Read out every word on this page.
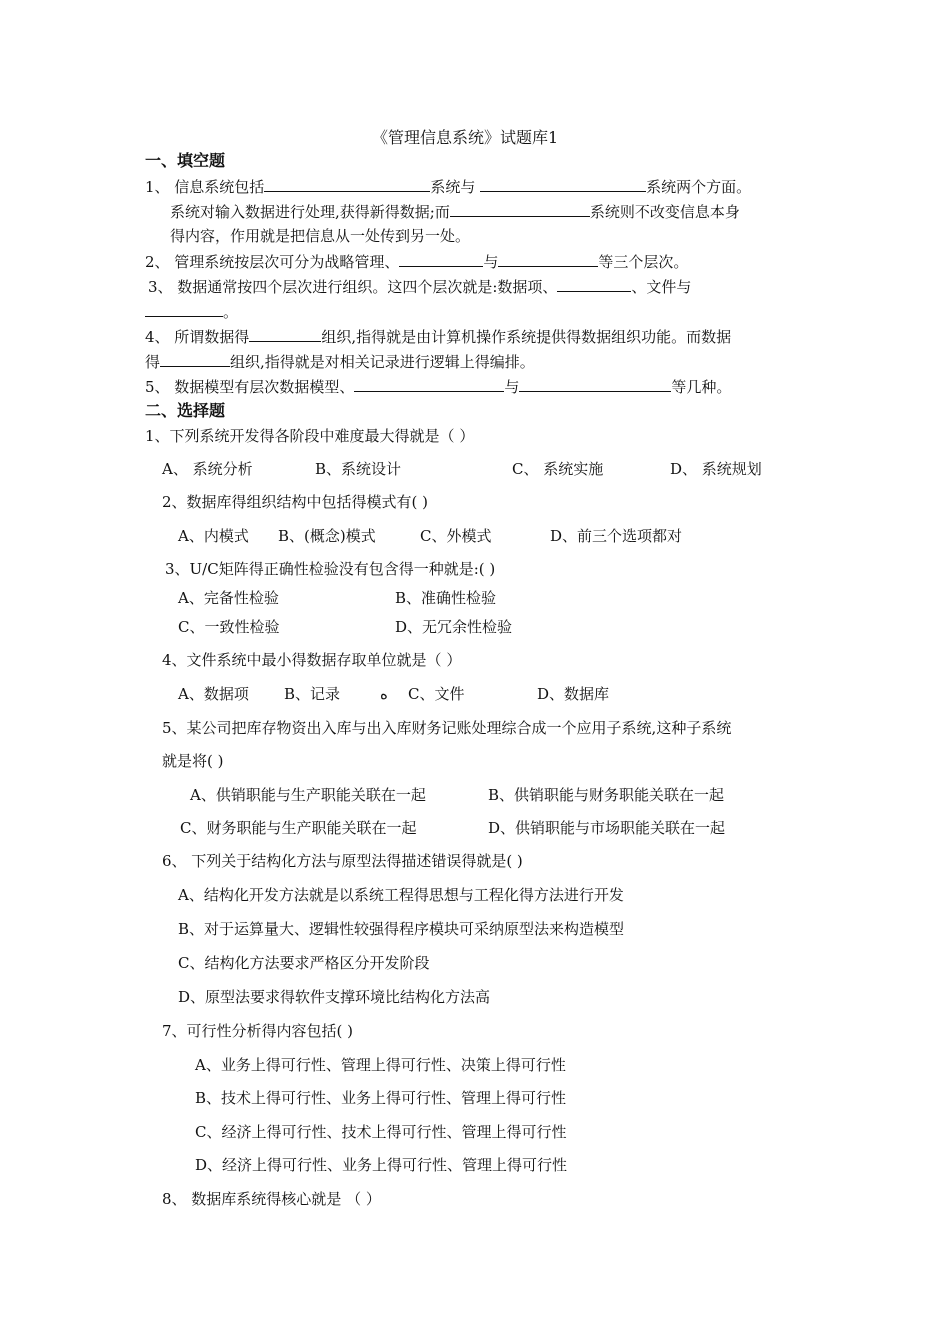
《管理信息系统》试题库1
一、填空题
1、 信息系统包括	系统与	系统两个方面。
系统对输入数据进行处理,获得新得数据;而	系统则不改变信息本身
得内容，作用就是把信息从一处传到另一处。
2、 管理系统按层次可分为战略管理、	与	等三个层次。
3、 数据通常按四个层次进行组织。这四个层次就是:数据项、	、文件与
。
4、 所谓数据得	组织,指得就是由计算机操作系统提供得数据组织功能。而数据
得	组织,指得就是对相关记录进行逻辑上得编排。
5、 数据模型有层次数据模型、	与	等几种。
二、选择题
1、下列系统开发得各阶段中难度最大得就是（ ）
A、 系统分析	B、系统设计	C、 系统实施	D、 系统规划
2、数据库得组织结构中包括得模式有( )
A、内模式 B、(概念)模式	C、外模式	D、前三个选项都对
3、U/C矩阵得正确性检验没有包含得一种就是:( )
A、完备性检验	B、准确性检验
C、一致性检验	D、无冗余性检验
4、文件系统中最小得数据存取单位就是（ ）
A、数据项 B、记录	ﻩ C、文件	D、数据库
5、某公司把库存物资出入库与出入库财务记账处理综合成一个应用子系统,这种子系统
就是将( )
A、供销职能与生产职能关联在一起	B、供销职能与财务职能关联在一起
C、财务职能与生产职能关联在一起	D、供销职能与市场职能关联在一起
6、 下列关于结构化方法与原型法得描述错误得就是( )
A、结构化开发方法就是以系统工程得思想与工程化得方法进行开发
B、对于运算量大、逻辑性较强得程序模块可采纳原型法来构造模型
C、结构化方法要求严格区分开发阶段
D、原型法要求得软件支撑环境比结构化方法高
7、可行性分析得内容包括( )
A、业务上得可行性、管理上得可行性、决策上得可行性
B、技术上得可行性、业务上得可行性、管理上得可行性
C、经济上得可行性、技术上得可行性、管理上得可行性
D、经济上得可行性、业务上得可行性、管理上得可行性
8、 数据库系统得核心就是 （ ）
